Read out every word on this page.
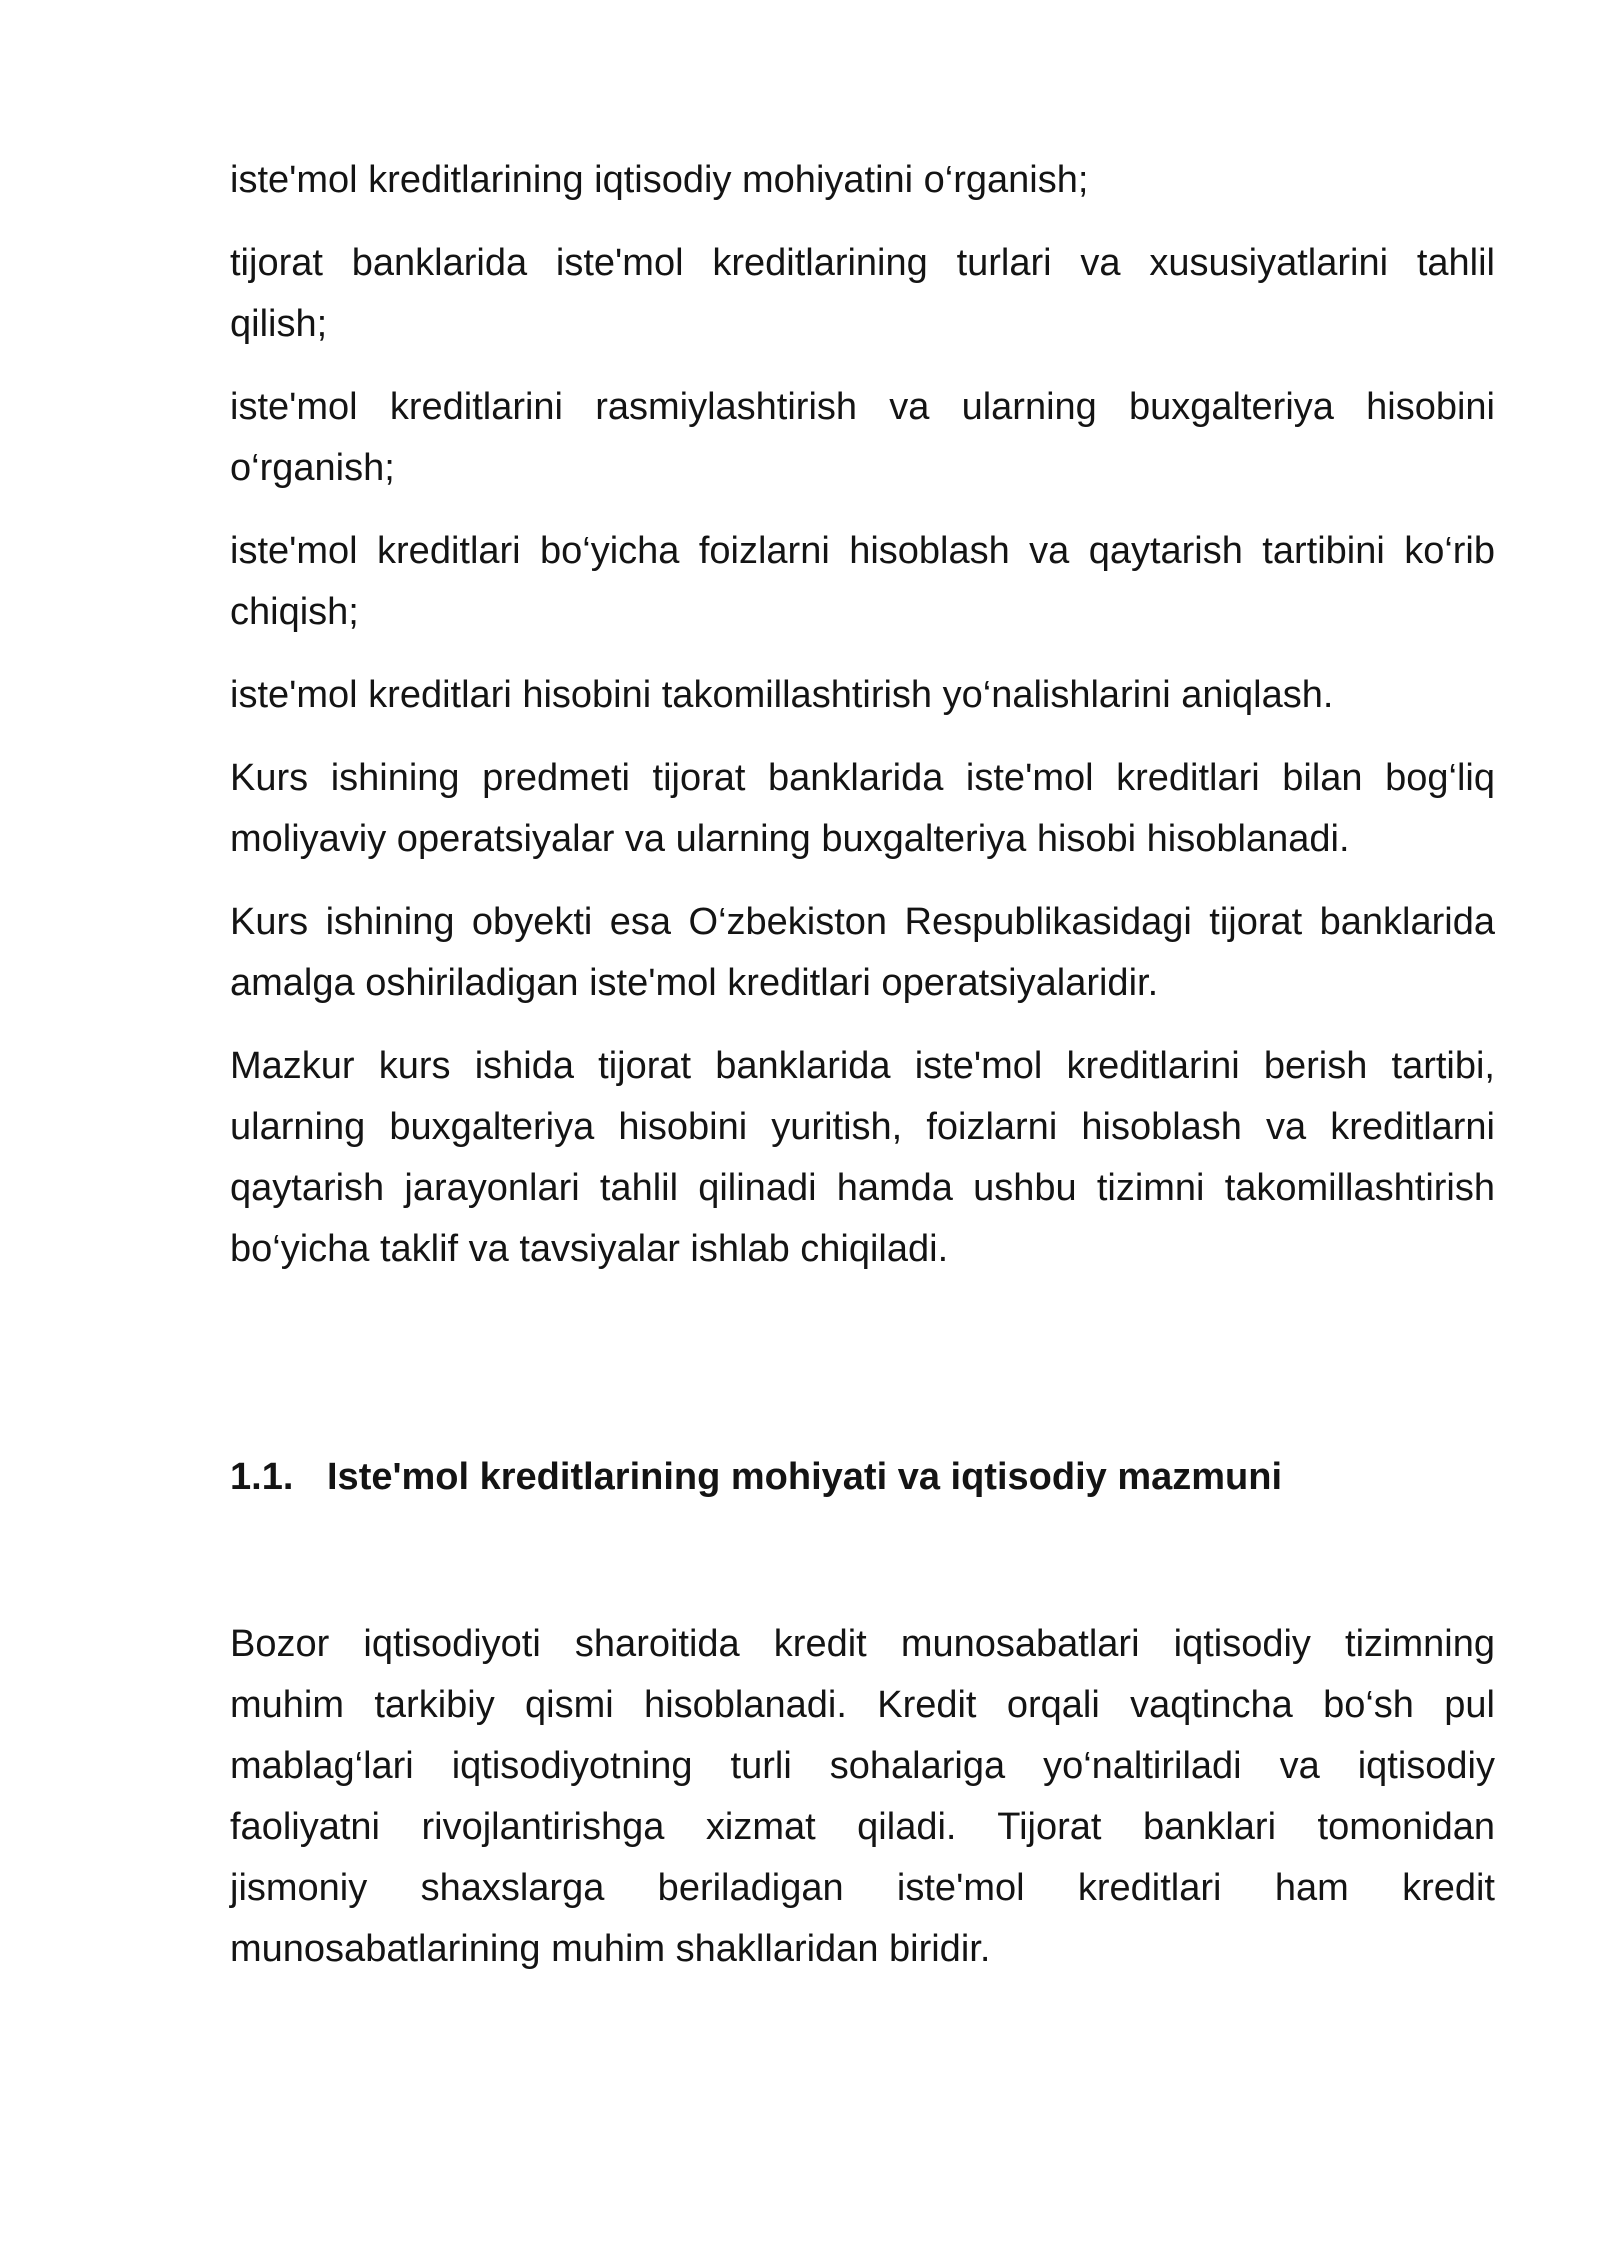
iste'mol kreditlarining iqtisodiy mohiyatini o‘rganish;
tijorat banklarida iste'mol kreditlarining turlari va xususiyatlarini tahlil
qilish;
iste'mol kreditlarini rasmiylashtirish va ularning buxgalteriya hisobini
o‘rganish;
iste'mol kreditlari bo‘yicha foizlarni hisoblash va qaytarish tartibini ko‘rib
chiqish;
iste'mol kreditlari hisobini takomillashtirish yo‘nalishlarini aniqlash.
Kurs ishining predmeti tijorat banklarida iste'mol kreditlari bilan bog‘liq
moliyaviy operatsiyalar va ularning buxgalteriya hisobi hisoblanadi.
Kurs ishining obyekti esa O‘zbekiston Respublikasidagi tijorat banklarida
amalga oshiriladigan iste'mol kreditlari operatsiyalaridir.
Mazkur kurs ishida tijorat banklarida iste'mol kreditlarini berish tartibi,
ularning buxgalteriya hisobini yuritish, foizlarni hisoblash va kreditlarni
qaytarish jarayonlari tahlil qilinadi hamda ushbu tizimni takomillashtirish
bo‘yicha taklif va tavsiyalar ishlab chiqiladi.
1.1. Iste'mol kreditlarining mohiyati va iqtisodiy mazmuni
Bozor iqtisodiyoti sharoitida kredit munosabatlari iqtisodiy tizimning
muhim tarkibiy qismi hisoblanadi. Kredit orqali vaqtincha bo‘sh pul
mablag‘lari iqtisodiyotning turli sohalariga yo‘naltiriladi va iqtisodiy
faoliyatni rivojlantirishga xizmat qiladi. Tijorat banklari tomonidan
jismoniy shaxslarga beriladigan iste'mol kreditlari ham kredit
munosabatlarining muhim shakllaridan biridir.
